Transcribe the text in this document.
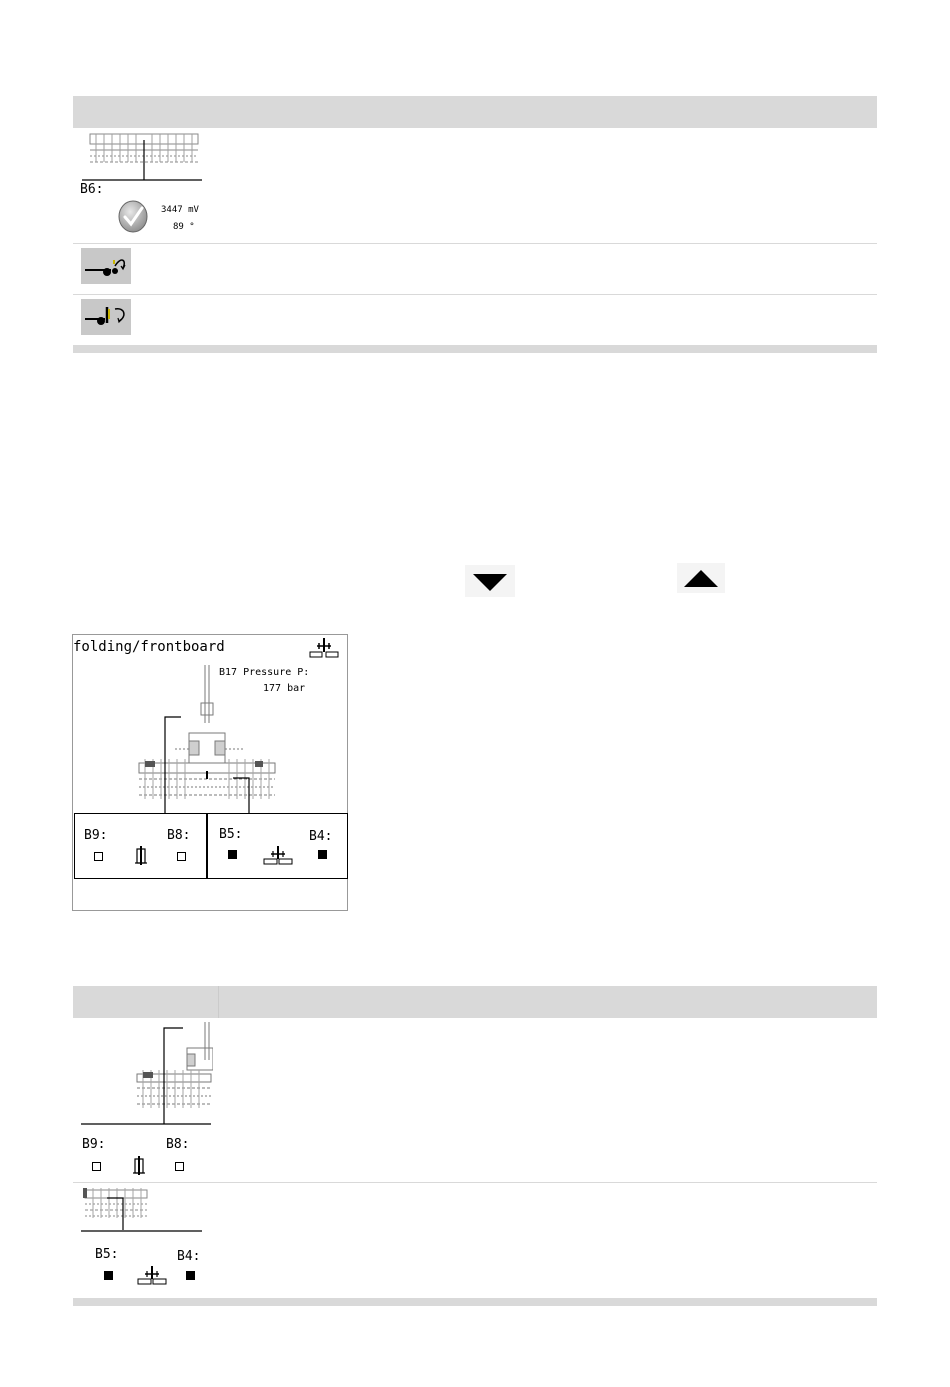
B6:
3447 mV
89 °
folding/frontboard
B17 Pressure P:
177 bar
B9:	B8: B5:	B4:
B9:	B8:
B5:	B4:
